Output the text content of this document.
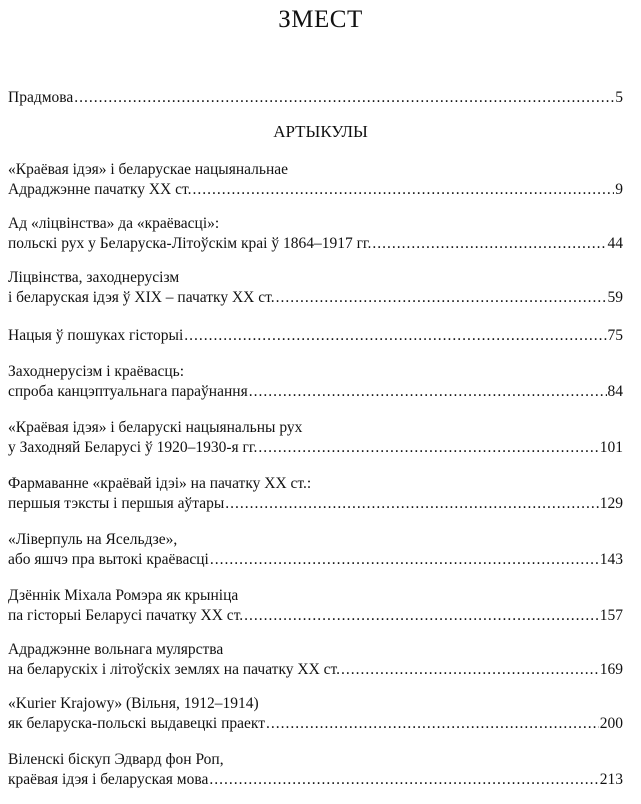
ЗМЕСТ
Прадмова .....	5
АРТЫКУЛЫ
«Краёвая ідэя» і беларускае нацыянальнае
Адраджэнне пачатку XX ст. .....	9
Ад «ліцвінства» да «краёвасці»:
польскі рух у Беларуска-Літоўскім краі ў 1864–1917 гг. .....	44
Ліцвінства, заходнерусізм
і беларуская ідэя ў XIX – пачатку XX ст. .....	59
Нацыя ў пошуках гісторыі .....	75
Заходнерусізм і краёвасць:
спроба канцэптуальнага параўнання .....	84
«Краёвая ідэя» і беларускі нацыянальны рух
у Заходняй Беларусі ў 1920–1930-я гг. .....	101
Фармаванне «краёвай ідэі» на пачатку XX ст.:
першыя тэксты і першыя аўтары .....	129
«Ліверпуль на Ясельдзе»,
або яшчэ пра вытокі краёвасці .....	143
Дзённік Міхала Ромэра як крыніца
па гісторыі Беларусі пачатку XX ст. .....	157
Адраджэнне вольнага мулярства
на беларускіх і літоўскіх землях на пачатку XX ст. .....	169
«Kurier Krajowy» (Вільня, 1912–1914)
як беларуска-польскі выдавецкі праект .....	200
Віленскі біскуп Эдвард фон Роп,
краёвая ідэя і беларуская мова .....	213
